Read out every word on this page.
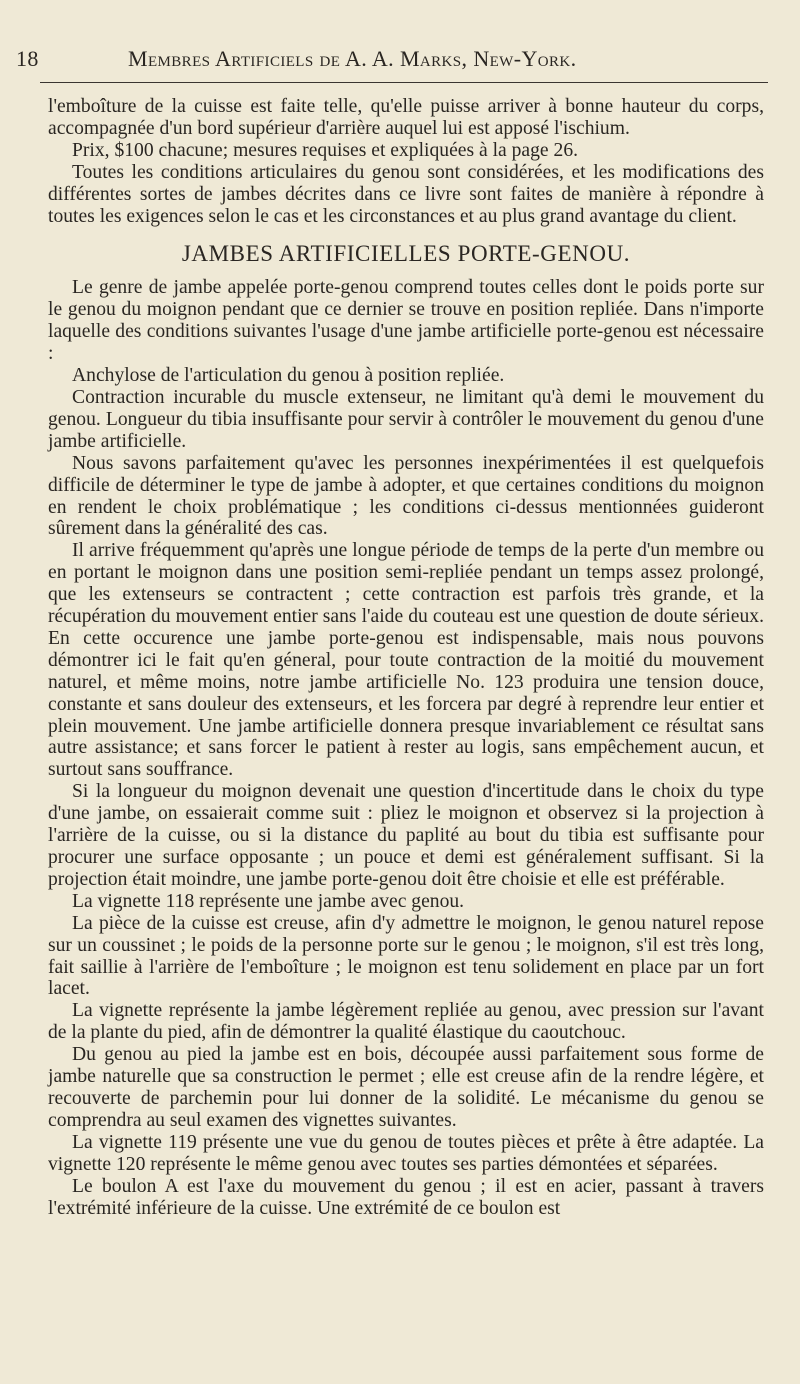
18	Membres Artificiels de A. A. Marks, New-York.

l'emboîture de la cuisse est faite telle, qu'elle puisse arriver à bonne hauteur du corps, accompagnée d'un bord supérieur d'arrière auquel lui est apposé l'ischium.

Prix, $100 chacune; mesures requises et expliquées à la page 26.

Toutes les conditions articulaires du genou sont considérées, et les modifications des différentes sortes de jambes décrites dans ce livre sont faites de manière à répondre à toutes les exigences selon le cas et les circonstances et au plus grand avantage du client.

JAMBES ARTIFICIELLES PORTE-GENOU.

Le genre de jambe appelée porte-genou comprend toutes celles dont le poids porte sur le genou du moignon pendant que ce dernier se trouve en position repliée. Dans n'importe laquelle des conditions suivantes l'usage d'une jambe artificielle porte-genou est nécessaire :

Anchylose de l'articulation du genou à position repliée.

Contraction incurable du muscle extenseur, ne limitant qu'à demi le mouvement du genou. Longueur du tibia insuffisante pour servir à contrôler le mouvement du genou d'une jambe artificielle.

Nous savons parfaitement qu'avec les personnes inexpérimentées il est quelquefois difficile de déterminer le type de jambe à adopter, et que certaines conditions du moignon en rendent le choix problématique ; les conditions ci-dessus mentionnées guideront sûrement dans la généralité des cas.

Il arrive fréquemment qu'après une longue période de temps de la perte d'un membre ou en portant le moignon dans une position semi-repliée pendant un temps assez prolongé, que les extenseurs se contractent ; cette contraction est parfois très grande, et la récupération du mouvement entier sans l'aide du couteau est une question de doute sérieux. En cette occurence une jambe porte-genou est indispensable, mais nous pouvons démontrer ici le fait qu'en géneral, pour toute contraction de la moitié du mouvement naturel, et même moins, notre jambe artificielle No. 123 produira une tension douce, constante et sans douleur des extenseurs, et les forcera par degré à reprendre leur entier et plein mouvement. Une jambe artificielle donnera presque invariablement ce résultat sans autre assistance; et sans forcer le patient à rester au logis, sans empêchement aucun, et surtout sans souffrance.

Si la longueur du moignon devenait une question d'incertitude dans le choix du type d'une jambe, on essaierait comme suit : pliez le moignon et observez si la projection à l'arrière de la cuisse, ou si la distance du paplité au bout du tibia est suffisante pour procurer une surface opposante ; un pouce et demi est généralement suffisant. Si la projection était moindre, une jambe porte-genou doit être choisie et elle est préférable.

La vignette 118 représente une jambe avec genou.

La pièce de la cuisse est creuse, afin d'y admettre le moignon, le genou naturel repose sur un coussinet ; le poids de la personne porte sur le genou ; le moignon, s'il est très long, fait saillie à l'arrière de l'emboîture ; le moignon est tenu solidement en place par un fort lacet.

La vignette représente la jambe légèrement repliée au genou, avec pression sur l'avant de la plante du pied, afin de démontrer la qualité élastique du caoutchouc.

Du genou au pied la jambe est en bois, découpée aussi parfaitement sous forme de jambe naturelle que sa construction le permet ; elle est creuse afin de la rendre légère, et recouverte de parchemin pour lui donner de la solidité. Le mécanisme du genou se comprendra au seul examen des vignettes suivantes.

La vignette 119 présente une vue du genou de toutes pièces et prête à être adaptée. La vignette 120 représente le même genou avec toutes ses parties démontées et séparées.

Le boulon A est l'axe du mouvement du genou ; il est en acier, passant à travers l'extrémité inférieure de la cuisse. Une extrémité de ce boulon est
